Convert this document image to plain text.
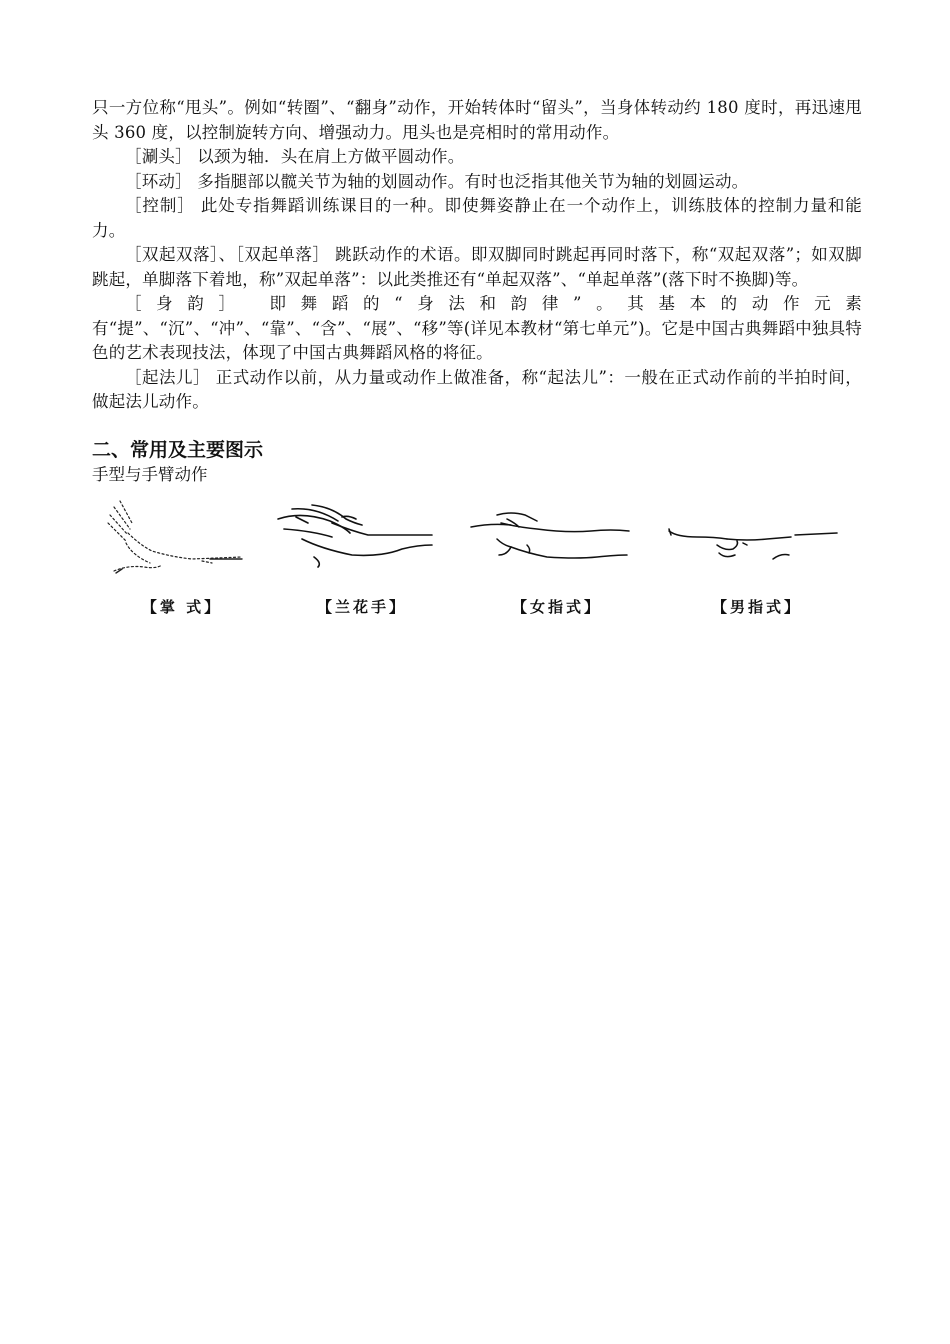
只一方位称“甩头”。例如“转圈”、“翻身”动作，开始转体时“留头”，当身体转动约 180 度时，再迅速甩头 360 度，以控制旋转方向、增强动力。甩头也是亮相时的常用动作。

［涮头］ 以颈为轴．头在肩上方做平圆动作。

［环动］ 多指腿部以髋关节为轴的划圆动作。有时也泛指其他关节为轴的划圆运动。

［控制］ 此处专指舞蹈训练课目的一种。即使舞姿静止在一个动作上，训练肢体的控制力量和能力。

［双起双落］、［双起单落］ 跳跃动作的术语。即双脚同时跳起再同时落下，称“双起双落”；如双脚跳起，单脚落下着地，称”双起单落”：以此类推还有“单起双落”、“单起单落”(落下时不换脚)等。

［身韵］ 即舞蹈的“身法和韵律”。其基本的动作元素有“提”、“沉”、“冲”、“靠”、“含”、“展”、“移”等(详见本教材“第七单元”)。它是中国古典舞蹈中独具特色的艺术表现技法，体现了中国古典舞蹈风格的将征。

［起法儿］ 正式动作以前，从力量或动作上做准备，称“起法儿”：一般在正式动作前的半拍时间，做起法儿动作。

二、常用及主要图示

手型与手臂动作

【掌 式】	【兰花手】	【女指式】	【男指式】
